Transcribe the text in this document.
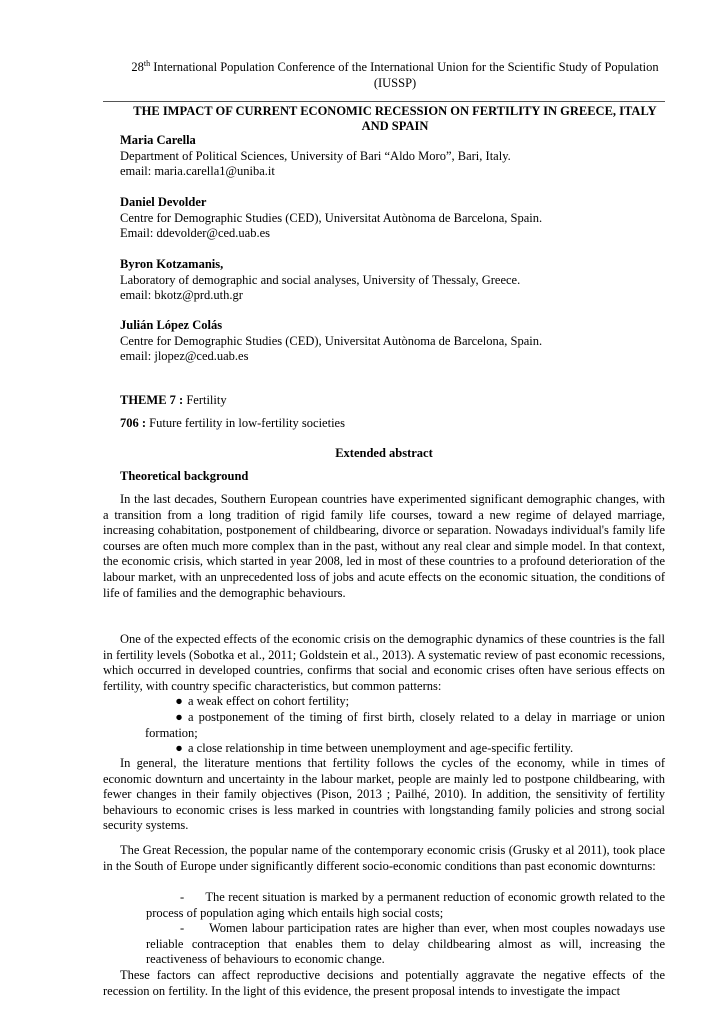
28th International Population Conference of the International Union for the Scientific Study of Population (IUSSP)
THE IMPACT OF CURRENT ECONOMIC RECESSION ON FERTILITY IN GREECE, ITALY AND SPAIN
Maria Carella
Department of Political Sciences, University of Bari “Aldo Moro”, Bari, Italy.
email: maria.carella1@uniba.it
Daniel Devolder
Centre for Demographic Studies (CED), Universitat Autònoma de Barcelona, Spain.
Email: ddevolder@ced.uab.es
Byron Kotzamanis,
Laboratory of demographic and social analyses, University of Thessaly, Greece.
email: bkotz@prd.uth.gr
Julián López Colás
Centre for Demographic Studies (CED), Universitat Autònoma de Barcelona, Spain.
email: jlopez@ced.uab.es
THEME 7 : Fertility
706 : Future fertility in low-fertility societies
Extended abstract
Theoretical background
In the last decades, Southern European countries have experimented significant demographic changes, with a transition from a long tradition of rigid family life courses, toward a new regime of delayed marriage, increasing cohabitation, postponement of childbearing, divorce or separation. Nowadays individual's family life courses are often much more complex than in the past, without any real clear and simple model. In that context, the economic crisis, which started in year 2008, led in most of these countries to a profound deterioration of the labour market, with an unprecedented loss of jobs and acute effects on the economic situation, the conditions of life of families and the demographic behaviours.
One of the expected effects of the economic crisis on the demographic dynamics of these countries is the fall in fertility levels (Sobotka et al., 2011; Goldstein et al., 2013). A systematic review of past economic recessions, which occurred in developed countries, confirms that social and economic crises often have serious effects on fertility, with country specific characteristics, but common patterns:
● a weak effect on cohort fertility;
● a postponement of the timing of first birth, closely related to a delay in marriage or union formation;
● a close relationship in time between unemployment and age-specific fertility.
In general, the literature mentions that fertility follows the cycles of the economy, while in times of economic downturn and uncertainty in the labour market, people are mainly led to postpone childbearing, with fewer changes in their family objectives (Pison, 2013 ; Pailhé, 2010). In addition, the sensitivity of fertility behaviours to economic crises is less marked in countries with longstanding family policies and strong social security systems.
The Great Recession, the popular name of the contemporary economic crisis (Grusky et al 2011), took place in the South of Europe under significantly different socio-economic conditions than past economic downturns:
-      The recent situation is marked by a permanent reduction of economic growth related to the process of population aging which entails high social costs;
-      Women labour participation rates are higher than ever, when most couples nowadays use reliable contraception that enables them to delay childbearing almost as will, increasing the reactiveness of behaviours to economic change.
These factors can affect reproductive decisions and potentially aggravate the negative effects of the recession on fertility. In the light of this evidence, the present proposal intends to investigate the impact
